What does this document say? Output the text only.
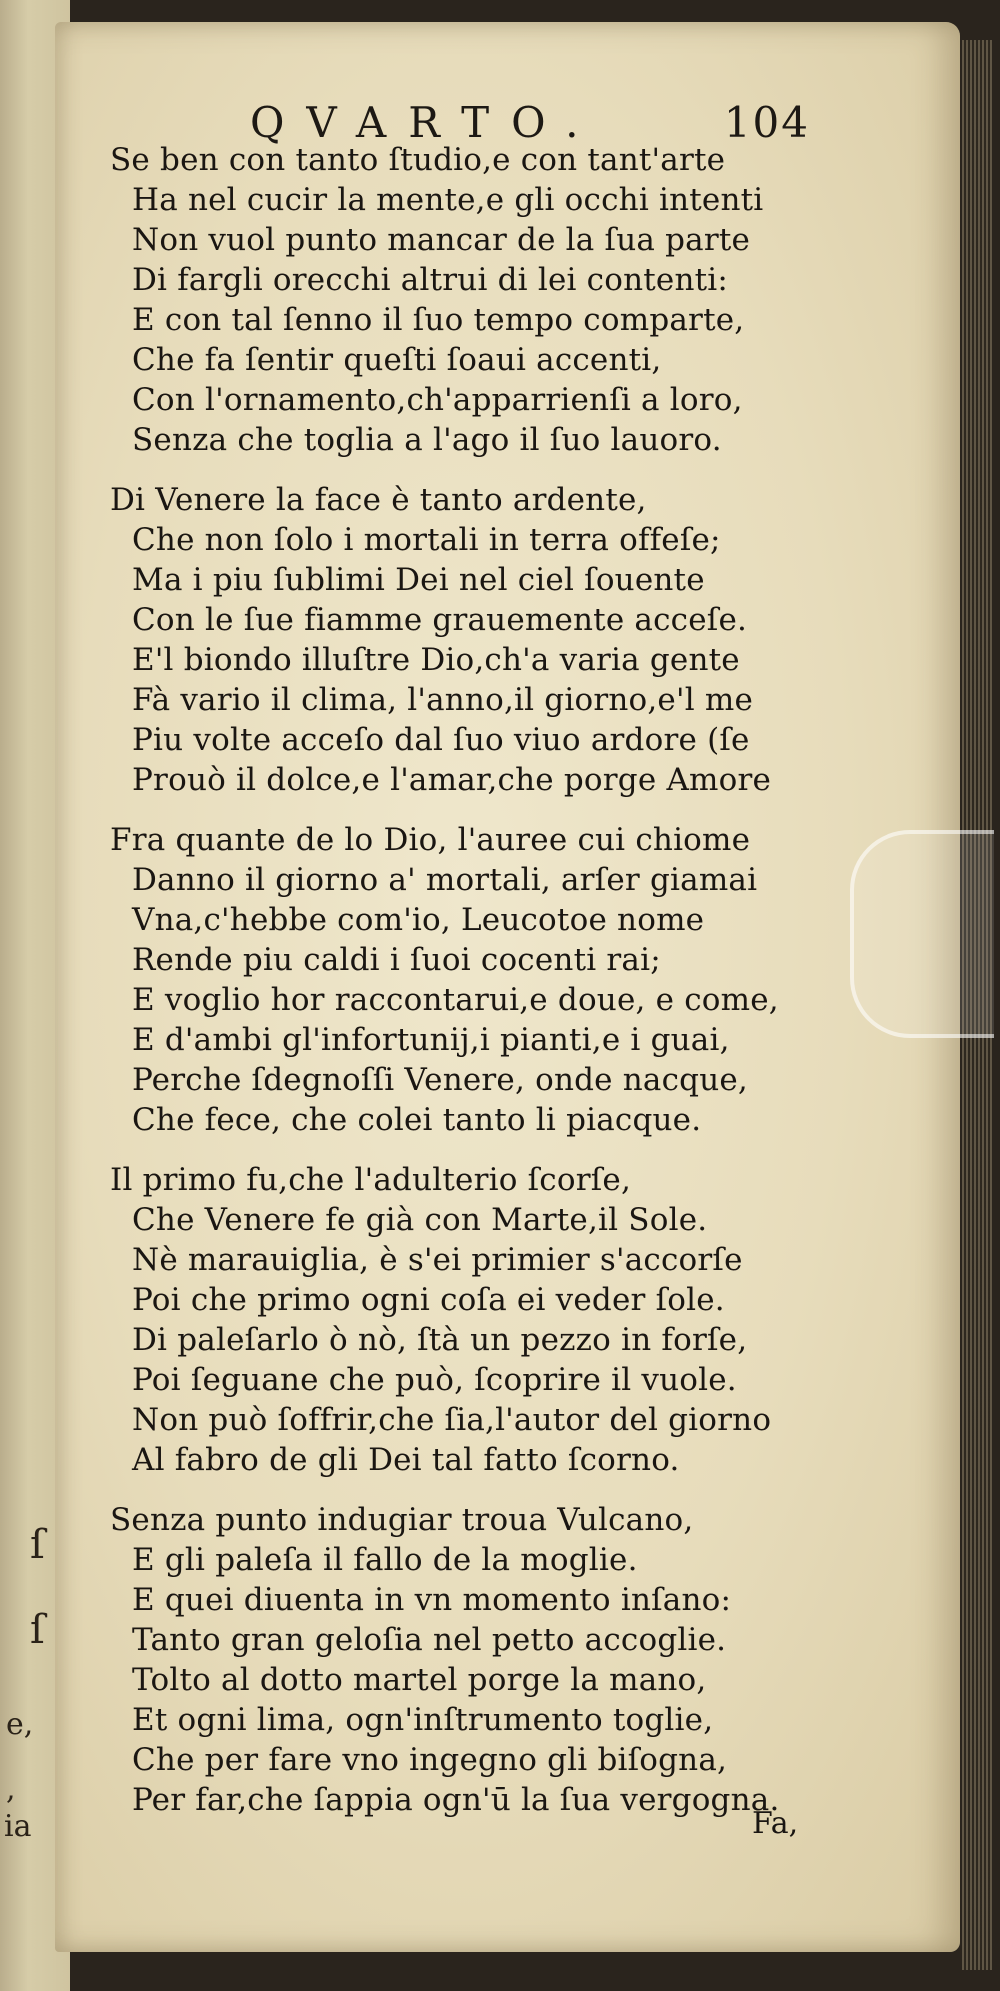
ſ
ſ
e,
,
ia
QVARTO.	104
Se ben con tanto ſtudio,e con tant'arte
Ha nel cucir la mente,e gli occhi intenti
Non vuol punto mancar de la ſua parte
Di fargli orecchi altrui di lei contenti:
E con tal ſenno il ſuo tempo comparte,
Che fa ſentir queſti ſoaui accenti,
Con l'ornamento,ch'apparrienſi a loro,
Senza che toglia a l'ago il ſuo lauoro.
Di Venere la face è tanto ardente,
Che non ſolo i mortali in terra offeſe;
Ma i piu ſublimi Dei nel ciel ſouente
Con le ſue fiamme grauemente acceſe.
E'l biondo illuſtre Dio,ch'a varia gente
Fà vario il clima, l'anno,il giorno,e'l me
Piu volte acceſo dal ſuo viuo ardore (ſe
Prouò il dolce,e l'amar,che porge Amore
Fra quante de lo Dio, l'auree cui chiome
Danno il giorno a' mortali, arſer giamai
Vna,c'hebbe com'io, Leucotoe nome
Rende piu caldi i ſuoi cocenti rai;
E voglio hor raccontarui,e doue, e come,
E d'ambi gl'infortunij,i pianti,e i guai,
Perche ſdegnoſſi Venere, onde nacque,
Che fece, che colei tanto li piacque.
Il primo fu,che l'adulterio ſcorſe,
Che Venere fe già con Marte,il Sole.
Nè marauiglia, è s'ei primier s'accorſe
Poi che primo ogni coſa ei veder ſole.
Di paleſarlo ò nò, ſtà un pezzo in forſe,
Poi ſeguane che può, ſcoprire il vuole.
Non può ſoffrir,che ſia,l'autor del giorno
Al fabro de gli Dei tal fatto ſcorno.
Senza punto indugiar troua Vulcano,
E gli paleſa il fallo de la moglie.
E quei diuenta in vn momento inſano:
Tanto gran geloſia nel petto accoglie.
Tolto al dotto martel porge la mano,
Et ogni lima, ogn'inſtrumento toglie,
Che per fare vno ingegno gli biſogna,
Per far,che ſappia ogn'ū la ſua vergogna.
Fa,
